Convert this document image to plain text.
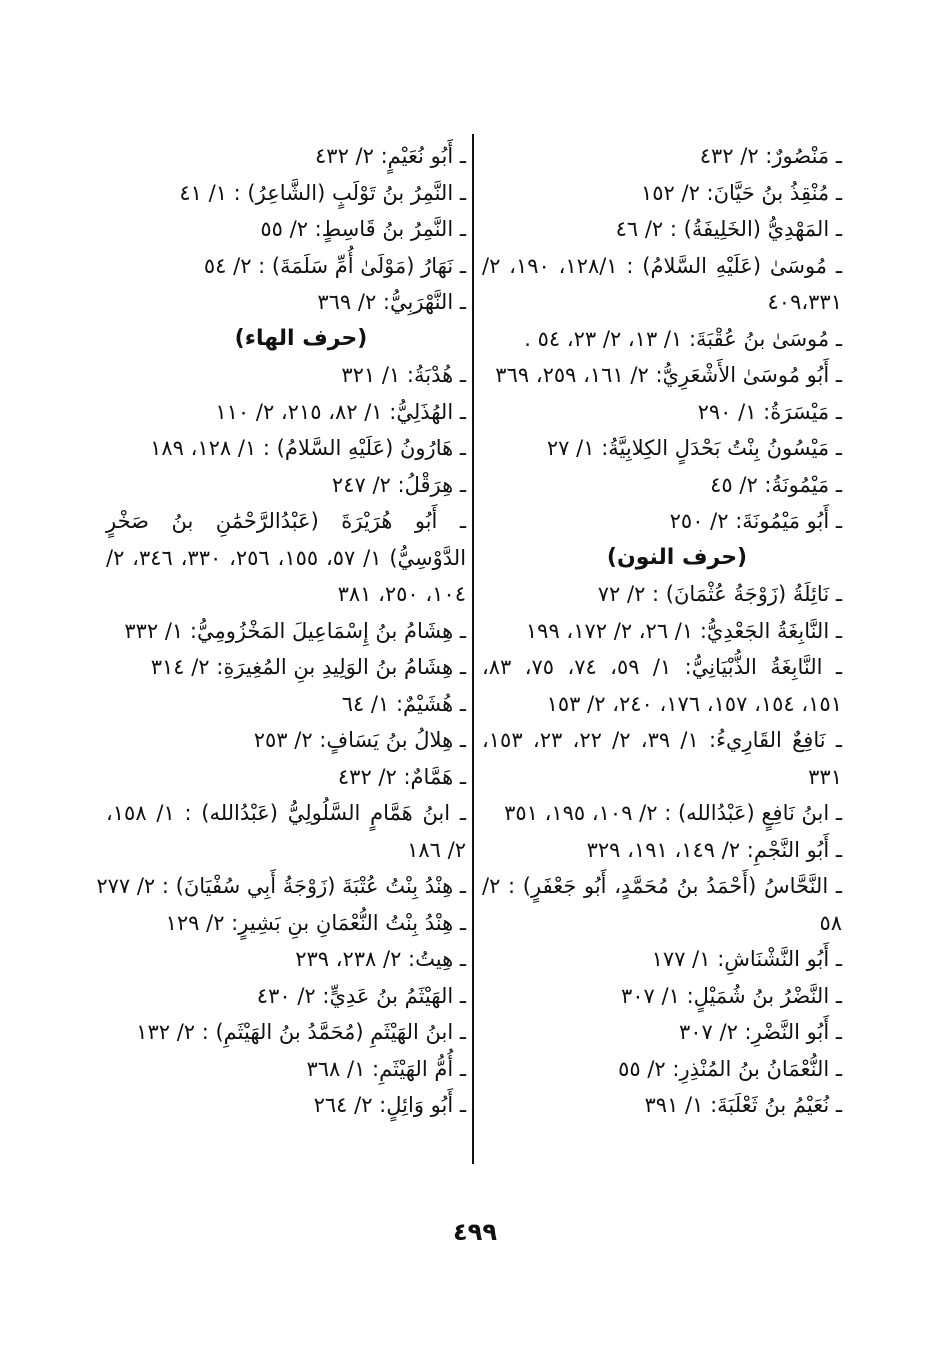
ـ مَنْصُورٌ: ٢/ ٤٣٢
ـ مُنْقِذُ بنُ حَيَّانَ: ٢/ ١٥٢
ـ المَهْدِيُّ (الخَلِيفَةُ) : ٢/ ٤٦
ـ مُوسَىٰ (عَلَيْهِ السَّلامُ) : ١٢٨/١، ١٩٠، ٢/ ٤٠٩،٣٣١
ـ مُوسَىٰ بنُ عُقْبَةَ: ١/ ١٣، ٢/ ٢٣، ٥٤ .
ـ أَبُو مُوسَىٰ الأَشْعَرِيُّ: ٢/ ١٦١، ٢٥٩، ٣٦٩
ـ مَيْسَرَةُ: ١/ ٢٩٠
ـ مَيْسُونُ بِنْتُ بَحْدَلٍ الكِلابِيَّةُ: ١/ ٢٧
ـ مَيْمُونَةُ: ٢/ ٤٥
ـ أَبُو مَيْمُونَةَ: ٢/ ٢٥٠
(حرف النون)
ـ نَائِلَةُ (زَوْجَةُ عُثْمَانَ) : ٢/ ٧٢
ـ النَّابِغَةُ الجَعْدِيُّ: ١/ ٢٦، ٢/ ١٧٢، ١٩٩
ـ النَّابِغَةُ الذُّبْيَانِيُّ: ١/ ٥٩، ٧٤، ٧٥، ٨٣، ١٥١، ١٥٤، ١٥٧، ١٧٦، ٢٤٠، ٢/ ١٥٣
ـ نَافِعٌ القَارِيءُ: ١/ ٣٩، ٢/ ٢٢، ٢٣، ١٥٣، ٣٣١
ـ ابنُ نَافِعٍ (عَبْدُالله) : ٢/ ١٠٩، ١٩٥، ٣٥١
ـ أَبُو النَّجْمِ: ٢/ ١٤٩، ١٩١، ٣٢٩
ـ النَّحَّاسُ (أَحْمَدُ بنُ مُحَمَّدٍ، أَبُو جَعْفَرٍ) : ٢/ ٥٨
ـ أَبُو النَّشْنَاشِ: ١/ ١٧٧
ـ النَّضْرُ بنُ شُمَيْلٍ: ١/ ٣٠٧
ـ أَبُو النَّضْرِ: ٢/ ٣٠٧
ـ النُّعْمَانُ بنُ المُنْذِرِ: ٢/ ٥٥
ـ نُعَيْمُ بنُ ثَعْلَبَةَ: ١/ ٣٩١
ـ أَبُو نُعَيْمٍ: ٢/ ٤٣٢
ـ النَّمِرُ بنُ تَوْلَبٍ (الشَّاعِرُ) : ١/ ٤١
ـ النَّمِرُ بنُ قَاسِطٍ: ٢/ ٥٥
ـ نَهَارُ (مَوْلَىٰ أُمِّ سَلَمَةَ) : ٢/ ٥٤
ـ النَّهْرَبِيُّ: ٢/ ٣٦٩
(حرف الهاء)
ـ هُدْبَةُ: ١/ ٣٢١
ـ الهُذَلِيُّ: ١/ ٨٢، ٢١٥، ٢/ ١١٠
ـ هَارُونُ (عَلَيْهِ السَّلامُ) : ١/ ١٢٨، ١٨٩
ـ هِرَقْلُ: ٢/ ٢٤٧
ـ أَبُو هُرَيْرَةَ (عَبْدُالرَّحْمَٰنِ بنُ صَخْرٍ الدَّوْسِيُّ) ١/ ٥٧، ١٥٥، ٢٥٦، ٣٣٠، ٣٤٦، ٢/ ١٠٤، ٢٥٠، ٣٨١
ـ هِشَامُ بنُ إِسْمَاعِيلَ المَخْزُومِيُّ: ١/ ٣٣٢
ـ هِشَامُ بنُ الوَلِيدِ بنِ المُغِيرَةِ: ٢/ ٣١٤
ـ هُشَيْمٌ: ١/ ٦٤
ـ هِلالُ بنُ يَسَافٍ: ٢/ ٢٥٣
ـ هَمَّامٌ: ٢/ ٤٣٢
ـ ابنُ هَمَّامٍ السَّلُولِيُّ (عَبْدُالله) : ١/ ١٥٨، ٢/ ١٨٦
ـ هِنْدُ بِنْتُ عُتْبَةَ (زَوْجَةُ أَبِي سُفْيَانَ) : ٢/ ٢٧٧
ـ هِنْدُ بِنْتُ النُّعْمَانِ بنِ بَشِيرٍ: ٢/ ١٢٩
ـ هِيتُ: ٢/ ٢٣٨، ٢٣٩
ـ الهَيْثَمُ بنُ عَدِيٍّ: ٢/ ٤٣٠
ـ ابنُ الهَيْثَمِ (مُحَمَّدُ بنُ الهَيْثَمِ) : ٢/ ١٣٢
ـ أُمُّ الهَيْثَمِ: ١/ ٣٦٨
ـ أَبُو وَائِلٍ: ٢/ ٢٦٤
٤٩٩
